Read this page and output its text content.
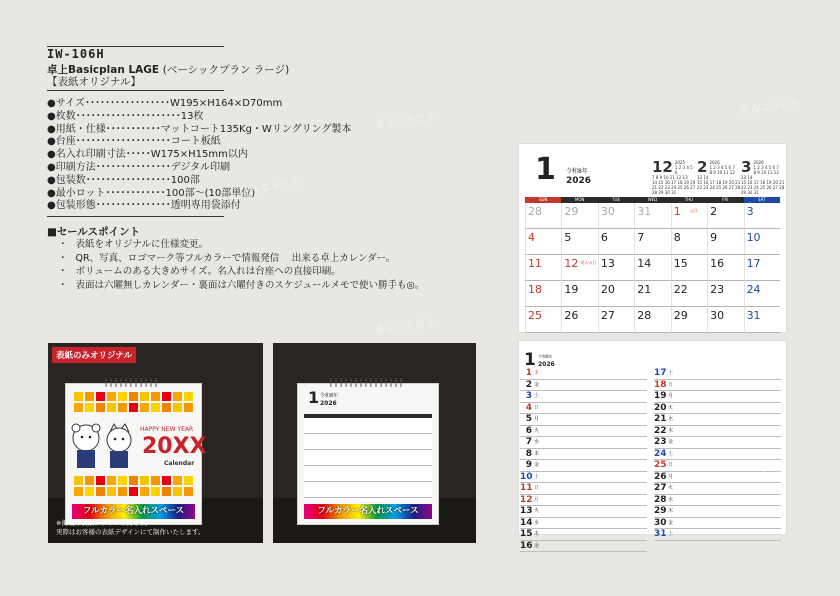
IW-106H
卓上Basicplan LAGE (ベーシックプラン ラージ)
【表紙オリジナル】
●サイズ･････････････････W195×H164×D70mm
●枚数･････････････････････13枚
●用紙・仕様･･･････････マットコート135Kg・Wリングリング製本
●台座･･･････････････････コート板紙
●名入れ印刷寸法･････W175×H15mm以内
●印刷方法･･･････････････デジタル印刷
●包装数･････････････････100部
●最小ロット････････････100部～(10部単位)
●包装形態･･･････････････透明専用袋添付
■セールスポイント
・ 表紙をオリジナルに仕様変更。
・ QR、写真、ロゴマーク等フルカラーで情報発信　 出来る卓上カレンダー。
・ ボリュームのある大きめサイズ。名入れは台座への直接印刷。
・ 表面は六曜無しカレンダー・裏面は六曜付きのスケジュールメモで使い勝手も◎。
HAPPY NEW YEAR
20XX
Calendar
フルカラー名入れスペース
表紙のみオリジナル
※掲載は表紙デザインの例です。
実際はお客様の表紙デザインにて制作いたします。
1 令和8年
2026
フルカラー名入れスペース
1 令和8年
2026
12 2025
1 2 3 4 5 6
7 8 9 10 11 12 13
14 15 16 17 18 19 20
21 22 23 24 25 26 27
28 29 30 31
2 2026
1 2 3 4 5 6 7
8 9 10 11 12 13 14
15 16 17 18 19 20 21
22 23 24 25 26 27 28
3 2026
1 2 3 4 5 6 7
8 9 10 11 12 13 14
15 16 17 18 19 20 21
22 23 24 25 26 27 28
29 30 31
SUN	MON	TUE	WED	THU	FRI	SAT
28	29	30	31	1 元日 2	3
4	5	6	7	8	9	10
11	12 成人の日 13	14	15	16	17
18	19	20	21	22	23	24
25	26	27	28	29	30	31
1 令和8年
2026
1 木
2 金
3 土
4 日
5 月
6 火
7 水
8 木
9 金
10土
11日
12月
13火
14水
15木
16金
17土
18日
19月
20火
21水
22木
23金
24土
25日
26月
27火
28水
29木
30金
31土
きんこうどう
きんこうどう
きんこうどう
きんこうどう
きんこうどう
きんこうどう
